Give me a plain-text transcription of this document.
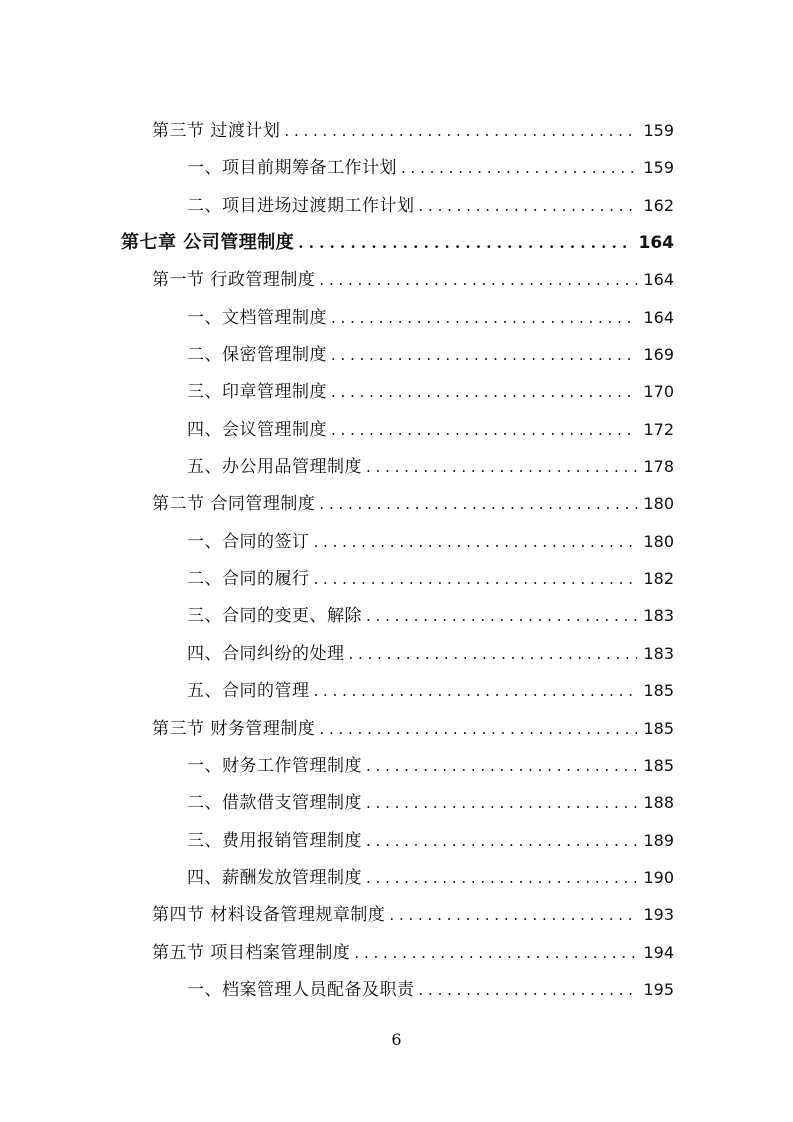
第三节 过渡计划 . . .	159
一、项目前期筹备工作计划 . . .	159
二、项目进场过渡期工作计划 . . .	162
第七章 公司管理制度 . . .	164
第一节 行政管理制度 . . .	164
一、文档管理制度 . . .	164
二、保密管理制度 . . .	169
三、印章管理制度 . . .	170
四、会议管理制度 . . .	172
五、办公用品管理制度 . . .	178
第二节 合同管理制度 . . .	180
一、合同的签订 . . .	180
二、合同的履行 . . .	182
三、合同的变更、解除 . . .	183
四、合同纠纷的处理 . . .	183
五、合同的管理 . . .	185
第三节 财务管理制度 . . .	185
一、财务工作管理制度 . . .	185
二、借款借支管理制度 . . .	188
三、费用报销管理制度 . . .	189
四、薪酬发放管理制度 . . .	190
第四节 材料设备管理规章制度 . . .	193
第五节 项目档案管理制度 . . .	194
一、档案管理人员配备及职责 . . .	195
6
